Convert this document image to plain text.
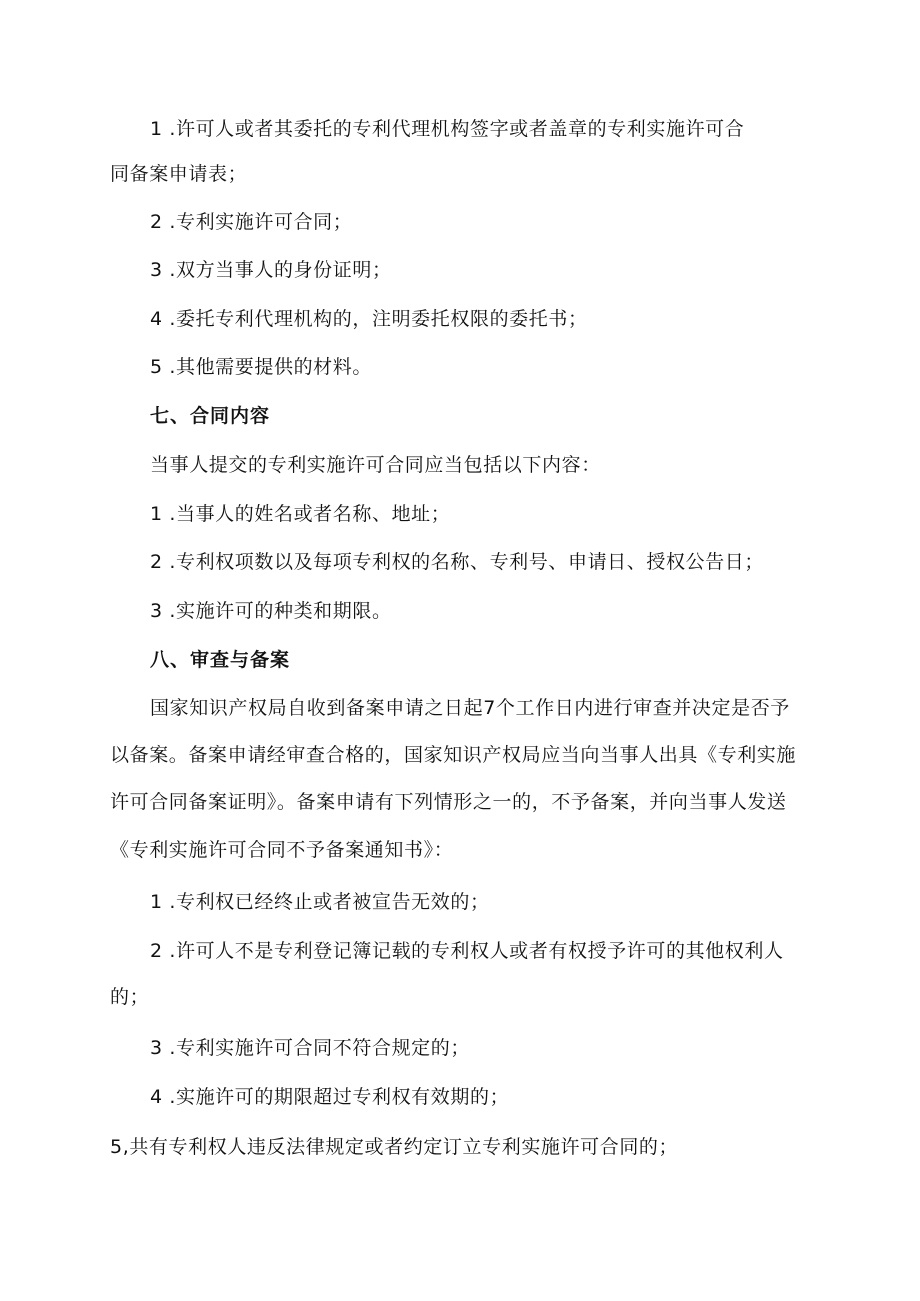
1 .许可人或者其委托的专利代理机构签字或者盖章的专利实施许可合
同备案申请表；
2 .专利实施许可合同；
3 .双方当事人的身份证明；
4 .委托专利代理机构的，注明委托权限的委托书；
5 .其他需要提供的材料。
七、合同内容
当事人提交的专利实施许可合同应当包括以下内容：
1 .当事人的姓名或者名称、地址；
2 .专利权项数以及每项专利权的名称、专利号、申请日、授权公告日；
3 .实施许可的种类和期限。
八、审查与备案
国家知识产权局自收到备案申请之日起7个工作日内进行审查并决定是否予
以备案。备案申请经审查合格的，国家知识产权局应当向当事人出具《专利实施
许可合同备案证明》。备案申请有下列情形之一的，不予备案，并向当事人发送
《专利实施许可合同不予备案通知书》：
1 .专利权已经终止或者被宣告无效的；
2 .许可人不是专利登记簿记载的专利权人或者有权授予许可的其他权利人
的；
3 .专利实施许可合同不符合规定的；
4 .实施许可的期限超过专利权有效期的；
5,共有专利权人违反法律规定或者约定订立专利实施许可合同的；
